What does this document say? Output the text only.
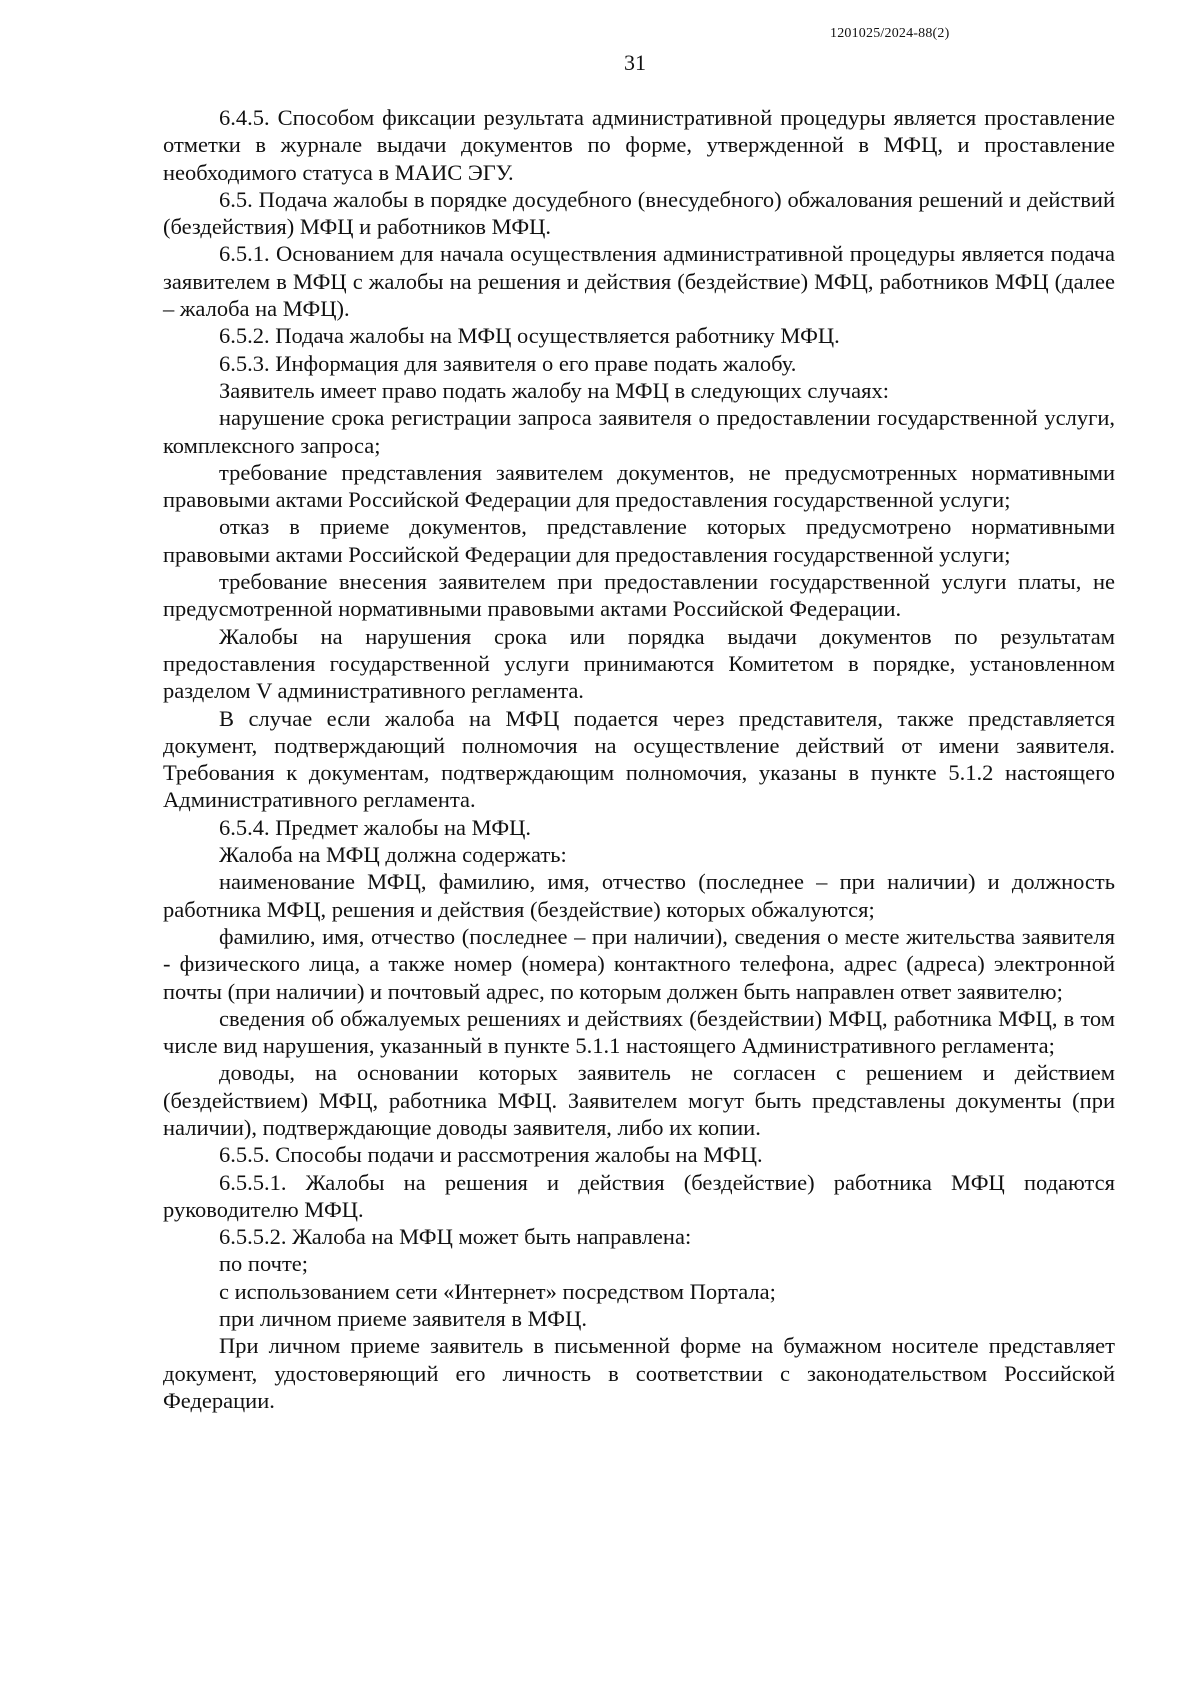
1201025/2024-88(2)
31

6.4.5. Способом фиксации результата административной процедуры является проставление отметки в журнале выдачи документов по форме, утвержденной в МФЦ, и проставление необходимого статуса в МАИС ЭГУ.

6.5. Подача жалобы в порядке досудебного (внесудебного) обжалования решений и действий (бездействия) МФЦ и работников МФЦ.

6.5.1. Основанием для начала осуществления административной процедуры является подача заявителем в МФЦ с жалобы на решения и действия (бездействие) МФЦ, работников МФЦ (далее – жалоба на МФЦ).

6.5.2. Подача жалобы на МФЦ осуществляется работнику МФЦ.

6.5.3. Информация для заявителя о его праве подать жалобу.

Заявитель имеет право подать жалобу на МФЦ в следующих случаях:

нарушение срока регистрации запроса заявителя о предоставлении государственной услуги, комплексного запроса;

требование представления заявителем документов, не предусмотренных нормативными правовыми актами Российской Федерации для предоставления государственной услуги;

отказ в приеме документов, представление которых предусмотрено нормативными правовыми актами Российской Федерации для предоставления государственной услуги;

требование внесения заявителем при предоставлении государственной услуги платы, не предусмотренной нормативными правовыми актами Российской Федерации.

Жалобы на нарушения срока или порядка выдачи документов по результатам предоставления государственной услуги принимаются Комитетом в порядке, установленном разделом V административного регламента.

В случае если жалоба на МФЦ подается через представителя, также представляется документ, подтверждающий полномочия на осуществление действий от имени заявителя. Требования к документам, подтверждающим полномочия, указаны в пункте 5.1.2 настоящего Административного регламента.

6.5.4. Предмет жалобы на МФЦ.

Жалоба на МФЦ должна содержать:

наименование МФЦ, фамилию, имя, отчество (последнее – при наличии) и должность работника МФЦ, решения и действия (бездействие) которых обжалуются;

фамилию, имя, отчество (последнее – при наличии), сведения о месте жительства заявителя - физического лица, а также номер (номера) контактного телефона, адрес (адреса) электронной почты (при наличии) и почтовый адрес, по которым должен быть направлен ответ заявителю;

сведения об обжалуемых решениях и действиях (бездействии) МФЦ, работника МФЦ, в том числе вид нарушения, указанный в пункте 5.1.1 настоящего Административного регламента;

доводы, на основании которых заявитель не согласен с решением и действием (бездействием) МФЦ, работника МФЦ. Заявителем могут быть представлены документы (при наличии), подтверждающие доводы заявителя, либо их копии.

6.5.5. Способы подачи и рассмотрения жалобы на МФЦ.

6.5.5.1. Жалобы на решения и действия (бездействие) работника МФЦ подаются руководителю МФЦ.

6.5.5.2. Жалоба на МФЦ может быть направлена:

по почте;

с использованием сети «Интернет» посредством Портала;

при личном приеме заявителя в МФЦ.

При личном приеме заявитель в письменной форме на бумажном носителе представляет документ, удостоверяющий его личность в соответствии с законодательством Российской Федерации.
